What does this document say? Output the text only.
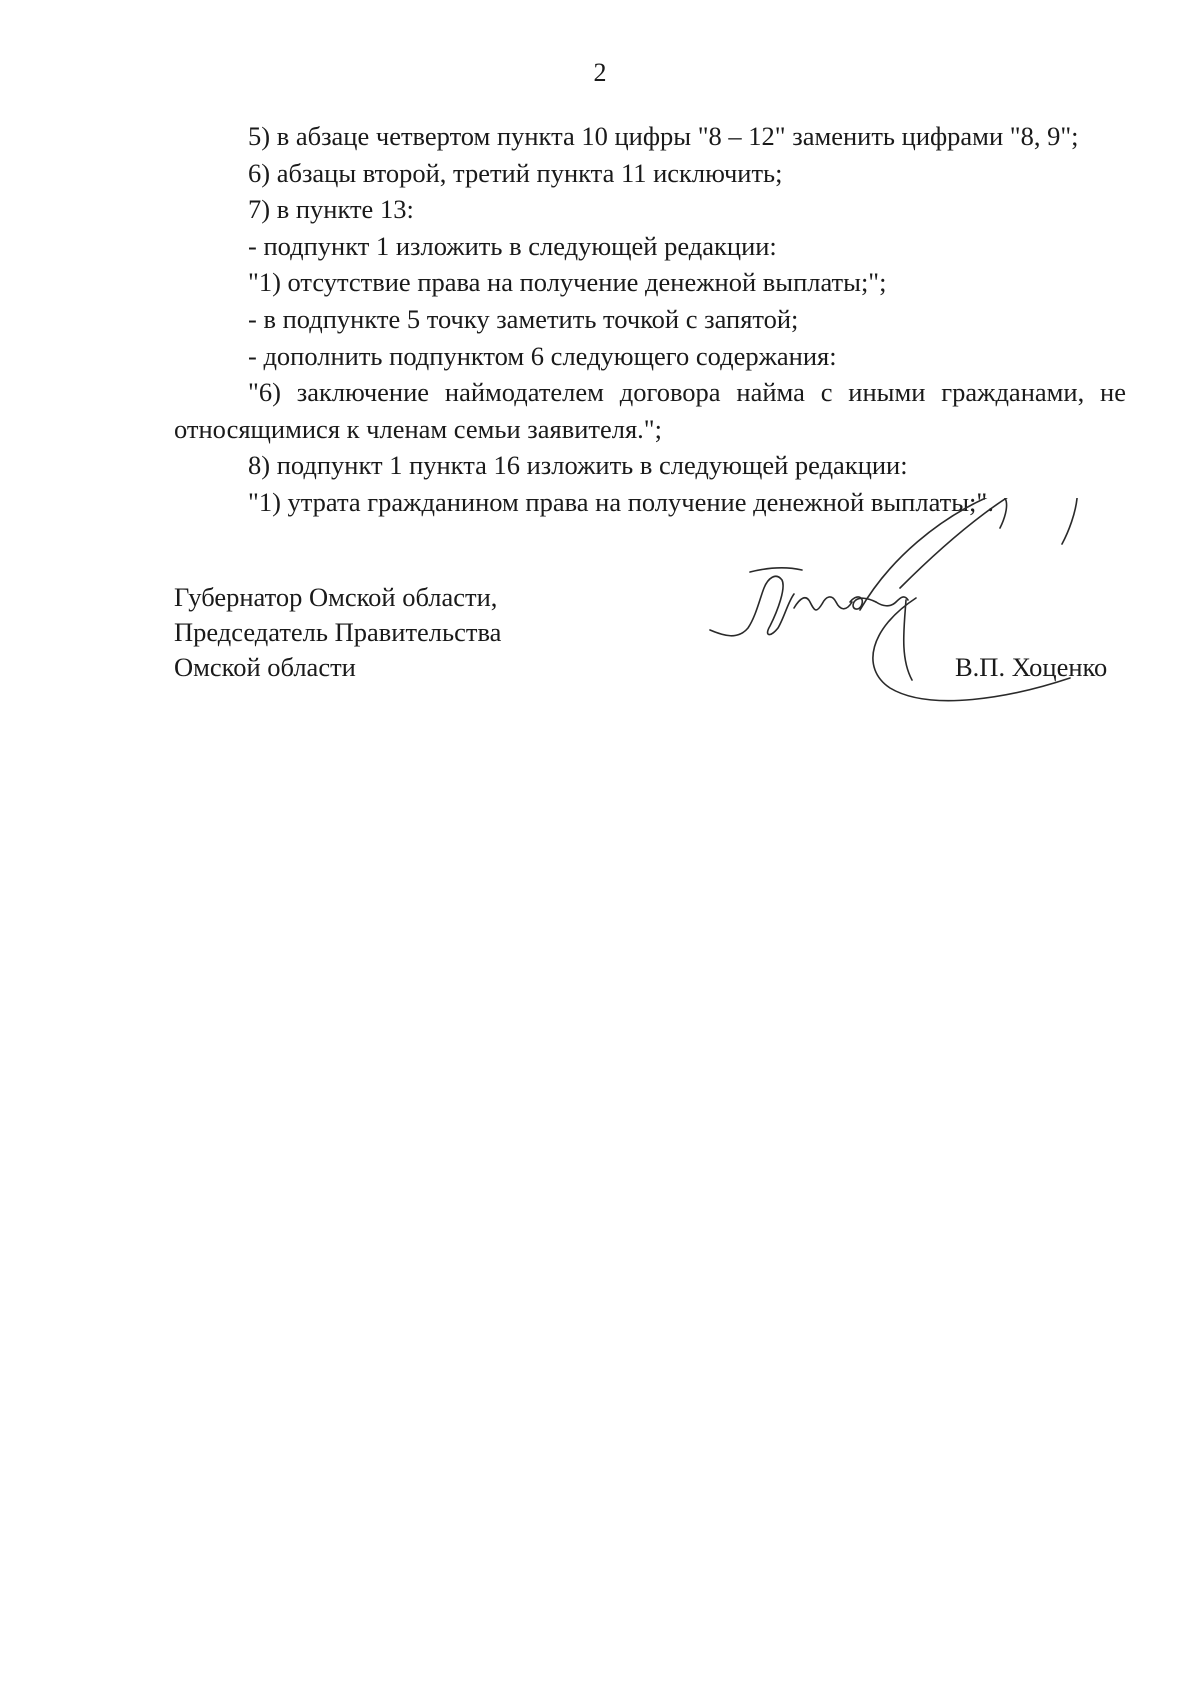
2

5) в абзаце четвертом пункта 10 цифры "8 – 12" заменить цифрами "8, 9";

6) абзацы второй, третий пункта 11 исключить;

7) в пункте 13:

- подпункт 1 изложить в следующей редакции:

"1) отсутствие права на получение денежной выплаты;";

- в подпункте 5 точку заметить точкой с запятой;

- дополнить подпунктом 6 следующего содержания:

"6) заключение наймодателем договора найма с иными гражданами, не относящимися к членам семьи заявителя.";

8) подпункт 1 пункта 16 изложить в следующей редакции:

"1) утрата гражданином права на получение денежной выплаты;".

Губернатор Омской области,
Председатель Правительства
Омской области	В.П. Хоценко
